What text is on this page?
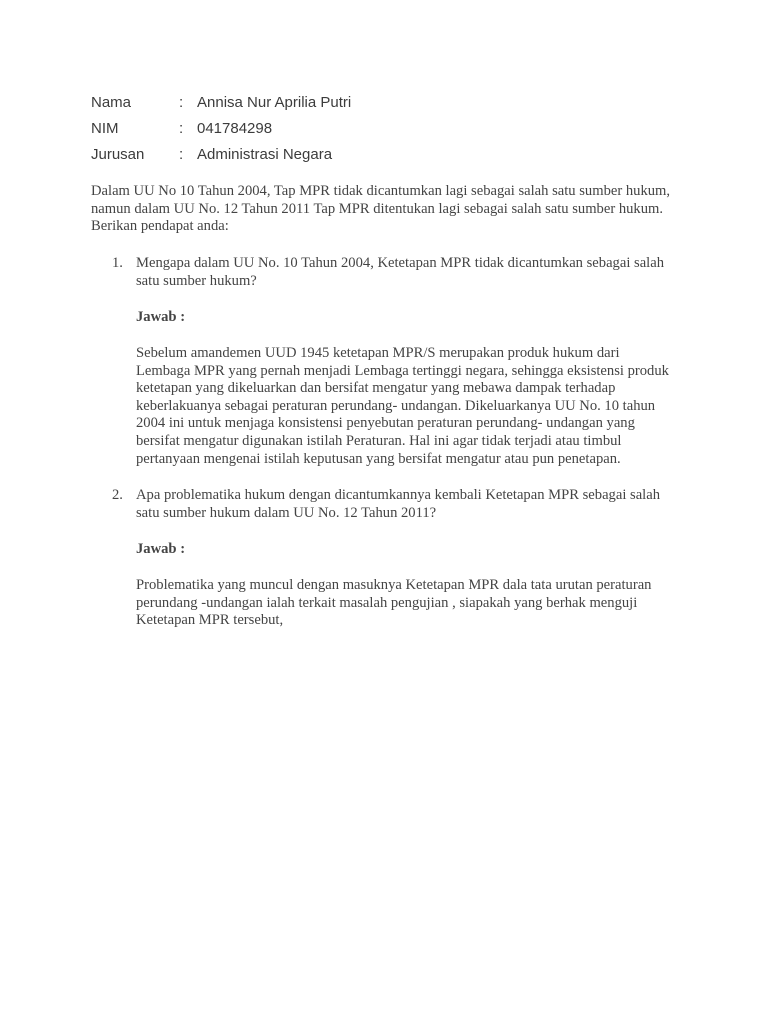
Nama	: Annisa Nur Aprilia Putri
NIM	: 041784298
Jurusan	: Administrasi Negara
Dalam UU No 10 Tahun 2004, Tap MPR tidak dicantumkan lagi sebagai salah satu sumber hukum, namun dalam UU No. 12 Tahun 2011 Tap MPR ditentukan lagi sebagai salah satu sumber hukum. Berikan pendapat anda:
1. Mengapa dalam UU No. 10 Tahun 2004, Ketetapan MPR tidak dicantumkan sebagai salah satu sumber hukum?
Jawab :
Sebelum amandemen UUD 1945 ketetapan MPR/S merupakan produk hukum dari Lembaga MPR yang pernah menjadi Lembaga tertinggi negara, sehingga eksistensi produk ketetapan yang dikeluarkan dan bersifat mengatur yang mebawa dampak terhadap keberlakuanya sebagai peraturan perundang- undangan. Dikeluarkanya UU No. 10 tahun 2004 ini untuk menjaga konsistensi penyebutan peraturan perundang- undangan yang bersifat mengatur digunakan istilah Peraturan. Hal ini agar tidak terjadi atau timbul pertanyaan mengenai istilah keputusan yang bersifat mengatur atau pun penetapan.
2. Apa problematika hukum dengan dicantumkannya kembali Ketetapan MPR sebagai salah satu sumber hukum dalam UU No. 12 Tahun 2011?
Jawab :
Problematika yang muncul dengan masuknya Ketetapan MPR dala tata urutan peraturan perundang -undangan ialah terkait masalah pengujian , siapakah yang berhak menguji Ketetapan MPR tersebut,
